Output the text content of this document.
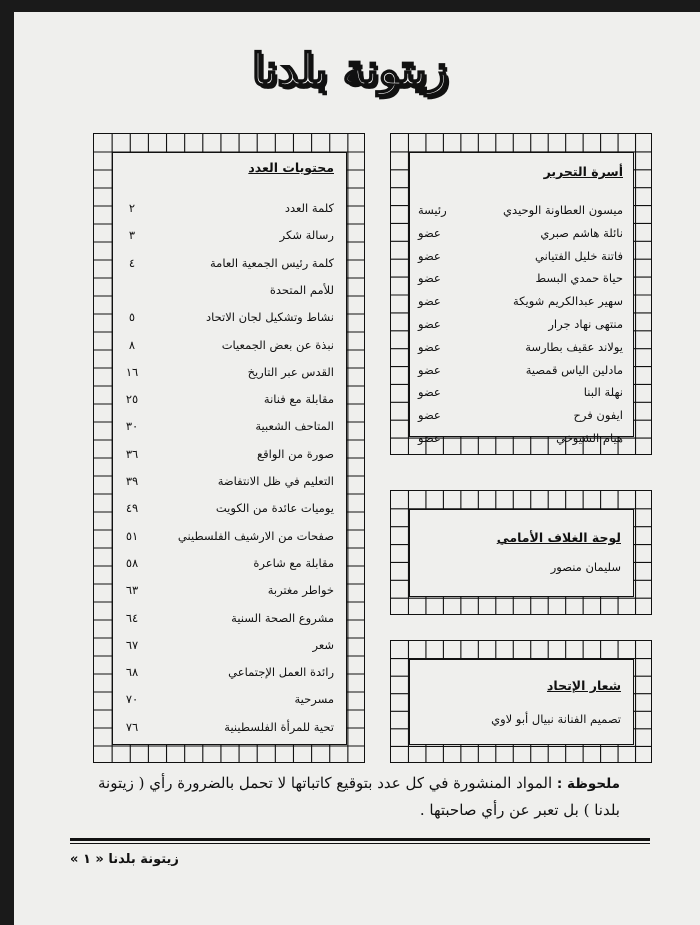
زيتونة بلدنا
محتويات العدد
كلمة العدد
٢
رسالة شكر
٣
كلمة رئيس الجمعية العامة
٤
للأمم المتحدة
نشاط وتشكيل لجان الاتحاد
٥
نبذة عن بعض الجمعيات
٨
القدس عبر التاريخ
١٦
مقابلة مع فنانة
٢٥
المتاحف الشعبية
٣٠
صورة من الواقع
٣٦
التعليم في ظل الانتفاضة
٣٩
يوميات عائدة من الكويت
٤٩
صفحات من الارشيف الفلسطيني
٥١
مقابلة مع شاعرة
٥٨
خواطر مغتربة
٦٣
مشروع الصحة السنية
٦٤
شعر
٦٧
رائدة العمل الإجتماعي
٦٨
مسرحية
٧٠
تحية للمرأة الفلسطينية
٧٦
أسرة التحرير
ميسون العطاونة الوحيدي
رئيسة
نائلة هاشم صبري
عضو
فاتنة خليل الفتياني
عضو
حياة حمدي البسط
عضو
سهير عبدالكريم شويكة
عضو
منتهى نهاد جرار
عضو
يولاند عقيف بطارسة
عضو
مادلين الياس قمصية
عضو
نهلة البنا
عضو
ايفون فرح
عضو
هيام الشيوخي
عضو
لوحة الغلاف الأمامي
سليمان منصور
شعار الإتحاد
تصميم الفنانة نبيال أبو لاوي
ملحوظة : المواد المنشورة في كل عدد بتوقيع كاتباتها لا تحمل بالضرورة رأي ( زيتونة بلدنا ) بل تعبر عن رأي صاحبتها .
زيتونة بلدنا « ١ »
